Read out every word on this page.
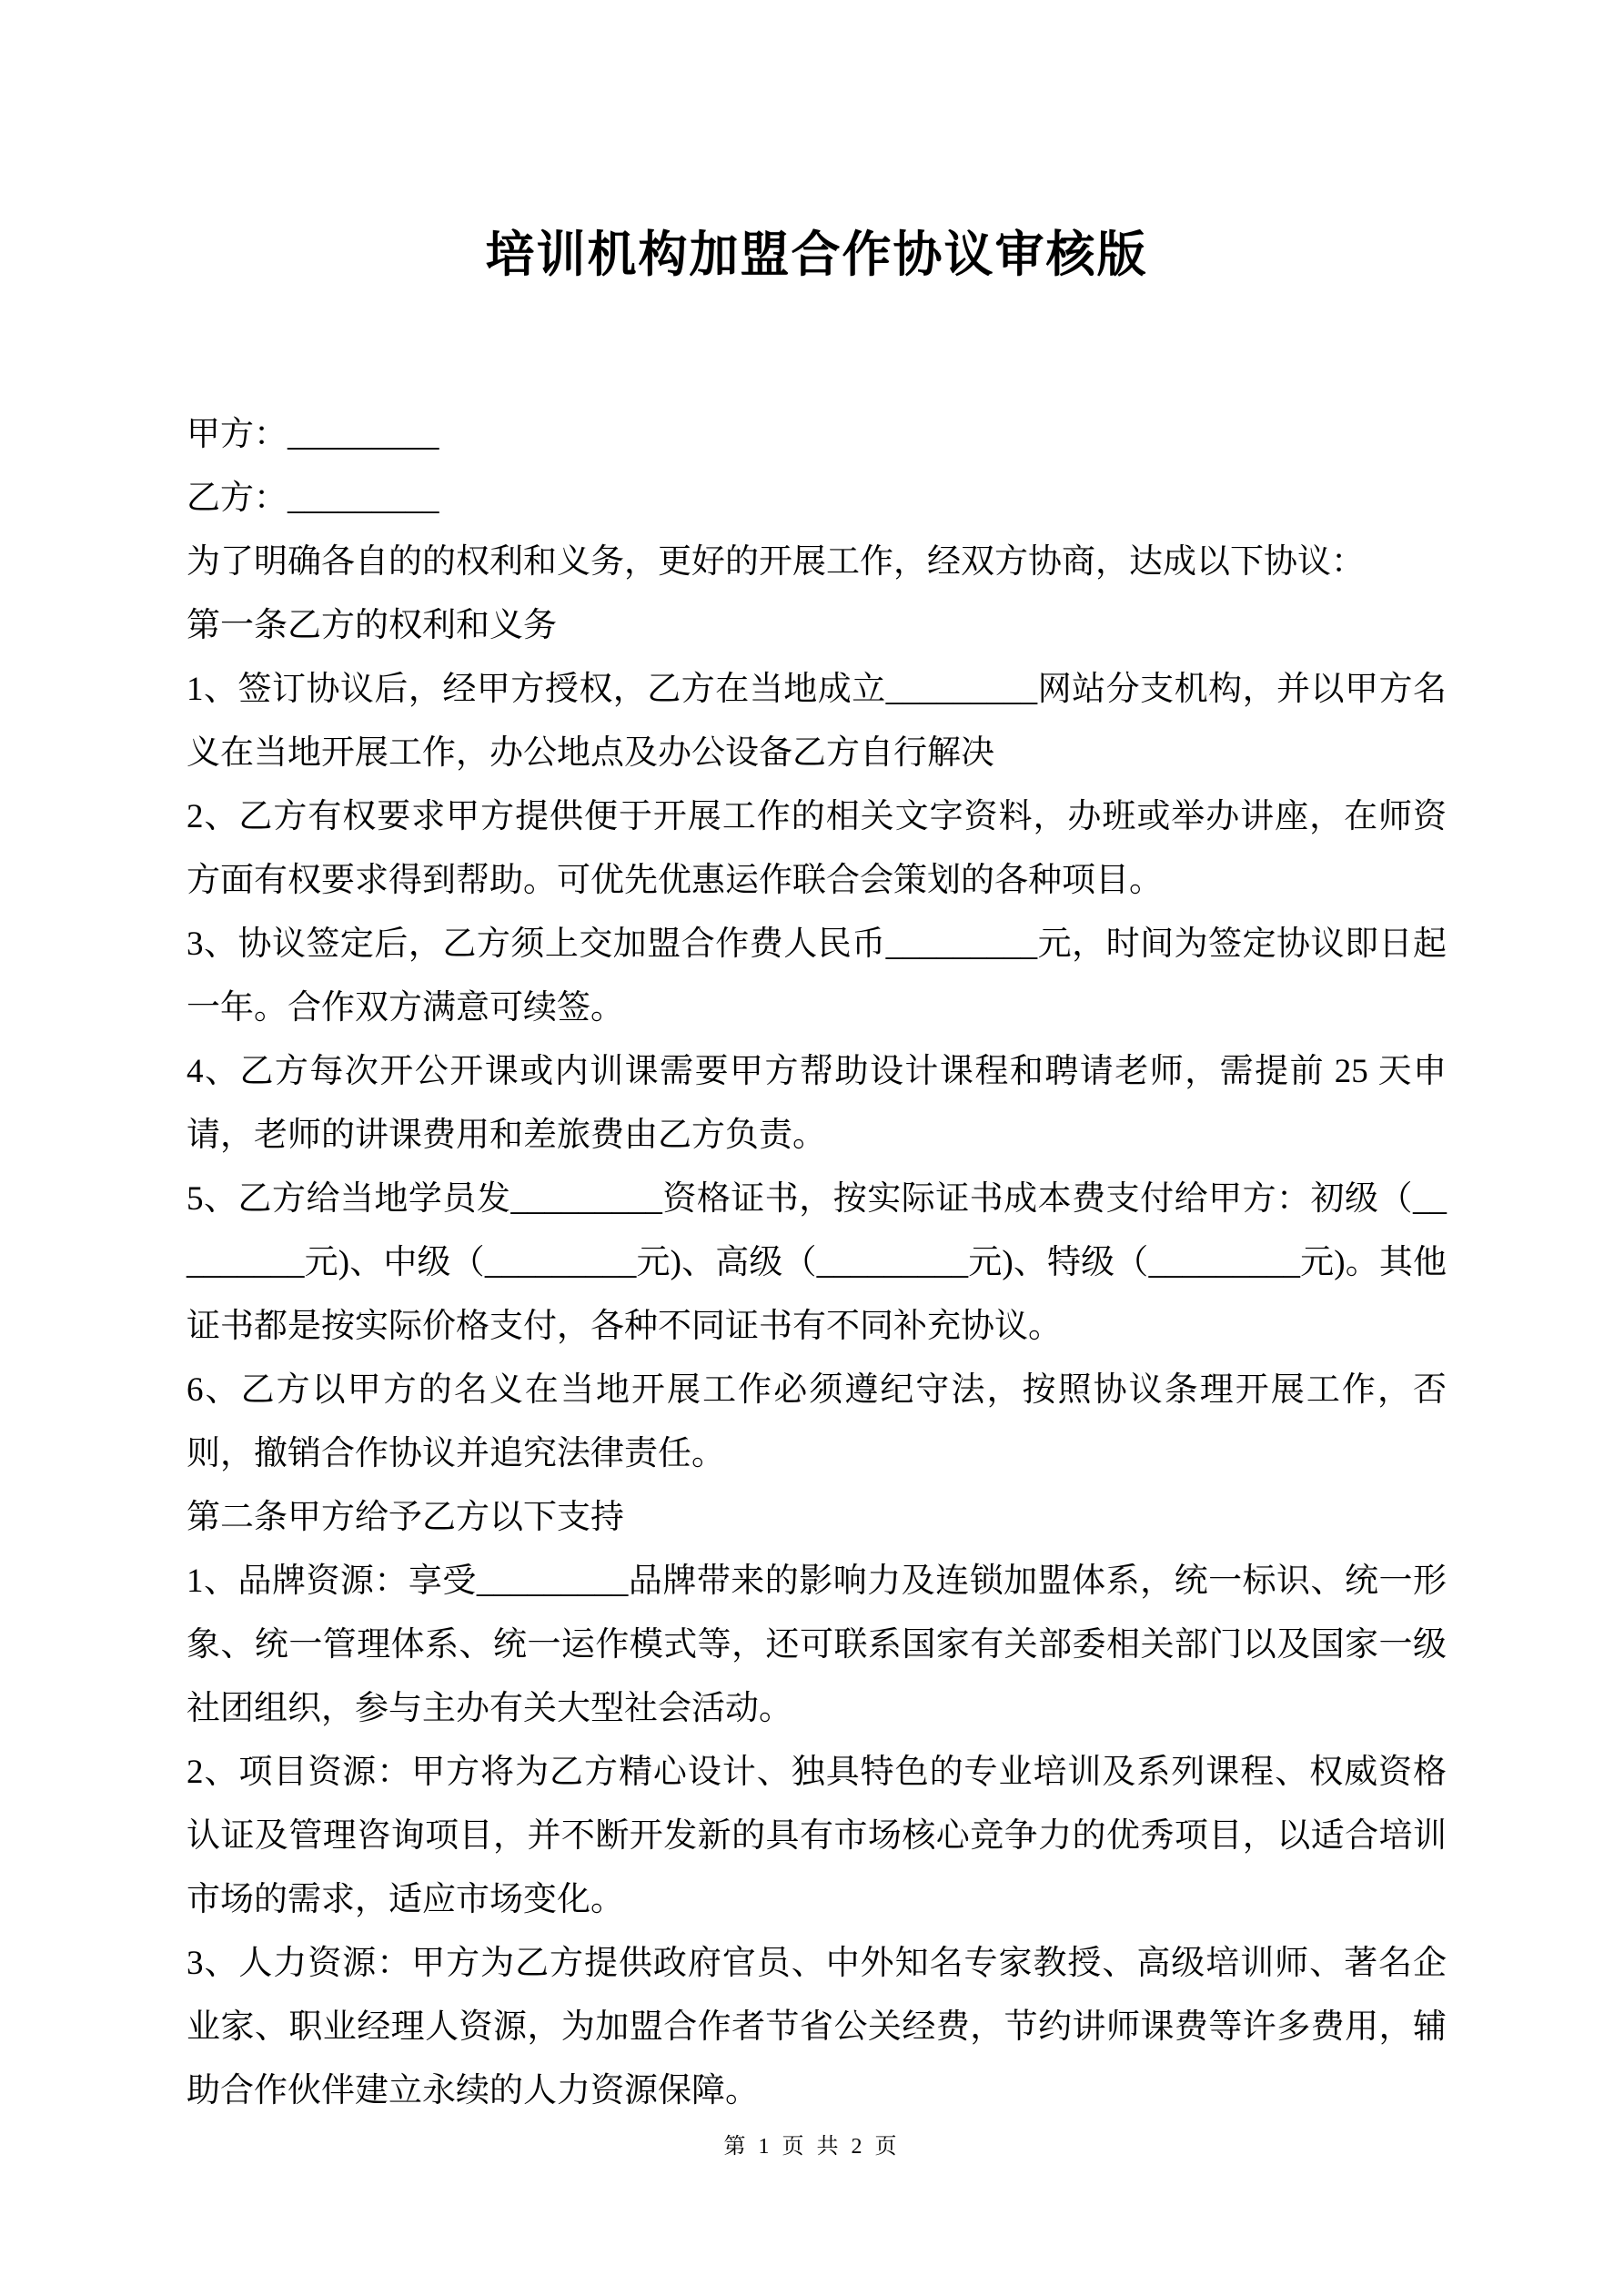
培训机构加盟合作协议审核版

甲方：_________

乙方：_________

为了明确各自的的权利和义务，更好的开展工作，经双方协商，达成以下协议：

第一条乙方的权利和义务

1、签订协议后，经甲方授权，乙方在当地成立_________网站分支机构，并以甲方名义在当地开展工作，办公地点及办公设备乙方自行解决

2、乙方有权要求甲方提供便于开展工作的相关文字资料，办班或举办讲座，在师资方面有权要求得到帮助。可优先优惠运作联合会策划的各种项目。

3、协议签定后，乙方须上交加盟合作费人民币_________元，时间为签定协议即日起一年。合作双方满意可续签。

4、乙方每次开公开课或内训课需要甲方帮助设计课程和聘请老师，需提前 25 天申请，老师的讲课费用和差旅费由乙方负责。

5、乙方给当地学员发_________资格证书，按实际证书成本费支付给甲方：初级（_________元)、中级（_________元)、高级（_________元)、特级（_________元)。其他证书都是按实际价格支付，各种不同证书有不同补充协议。

6、乙方以甲方的名义在当地开展工作必须遵纪守法，按照协议条理开展工作，否则，撤销合作协议并追究法律责任。

第二条甲方给予乙方以下支持

1、品牌资源：享受_________品牌带来的影响力及连锁加盟体系，统一标识、统一形象、统一管理体系、统一运作模式等，还可联系国家有关部委相关部门以及国家一级社团组织，参与主办有关大型社会活动。

2、项目资源：甲方将为乙方精心设计、独具特色的专业培训及系列课程、权威资格认证及管理咨询项目，并不断开发新的具有市场核心竞争力的优秀项目，以适合培训市场的需求，适应市场变化。

3、人力资源：甲方为乙方提供政府官员、中外知名专家教授、高级培训师、著名企业家、职业经理人资源，为加盟合作者节省公关经费，节约讲师课费等许多费用，辅助合作伙伴建立永续的人力资源保障。

第 1 页 共 2 页
